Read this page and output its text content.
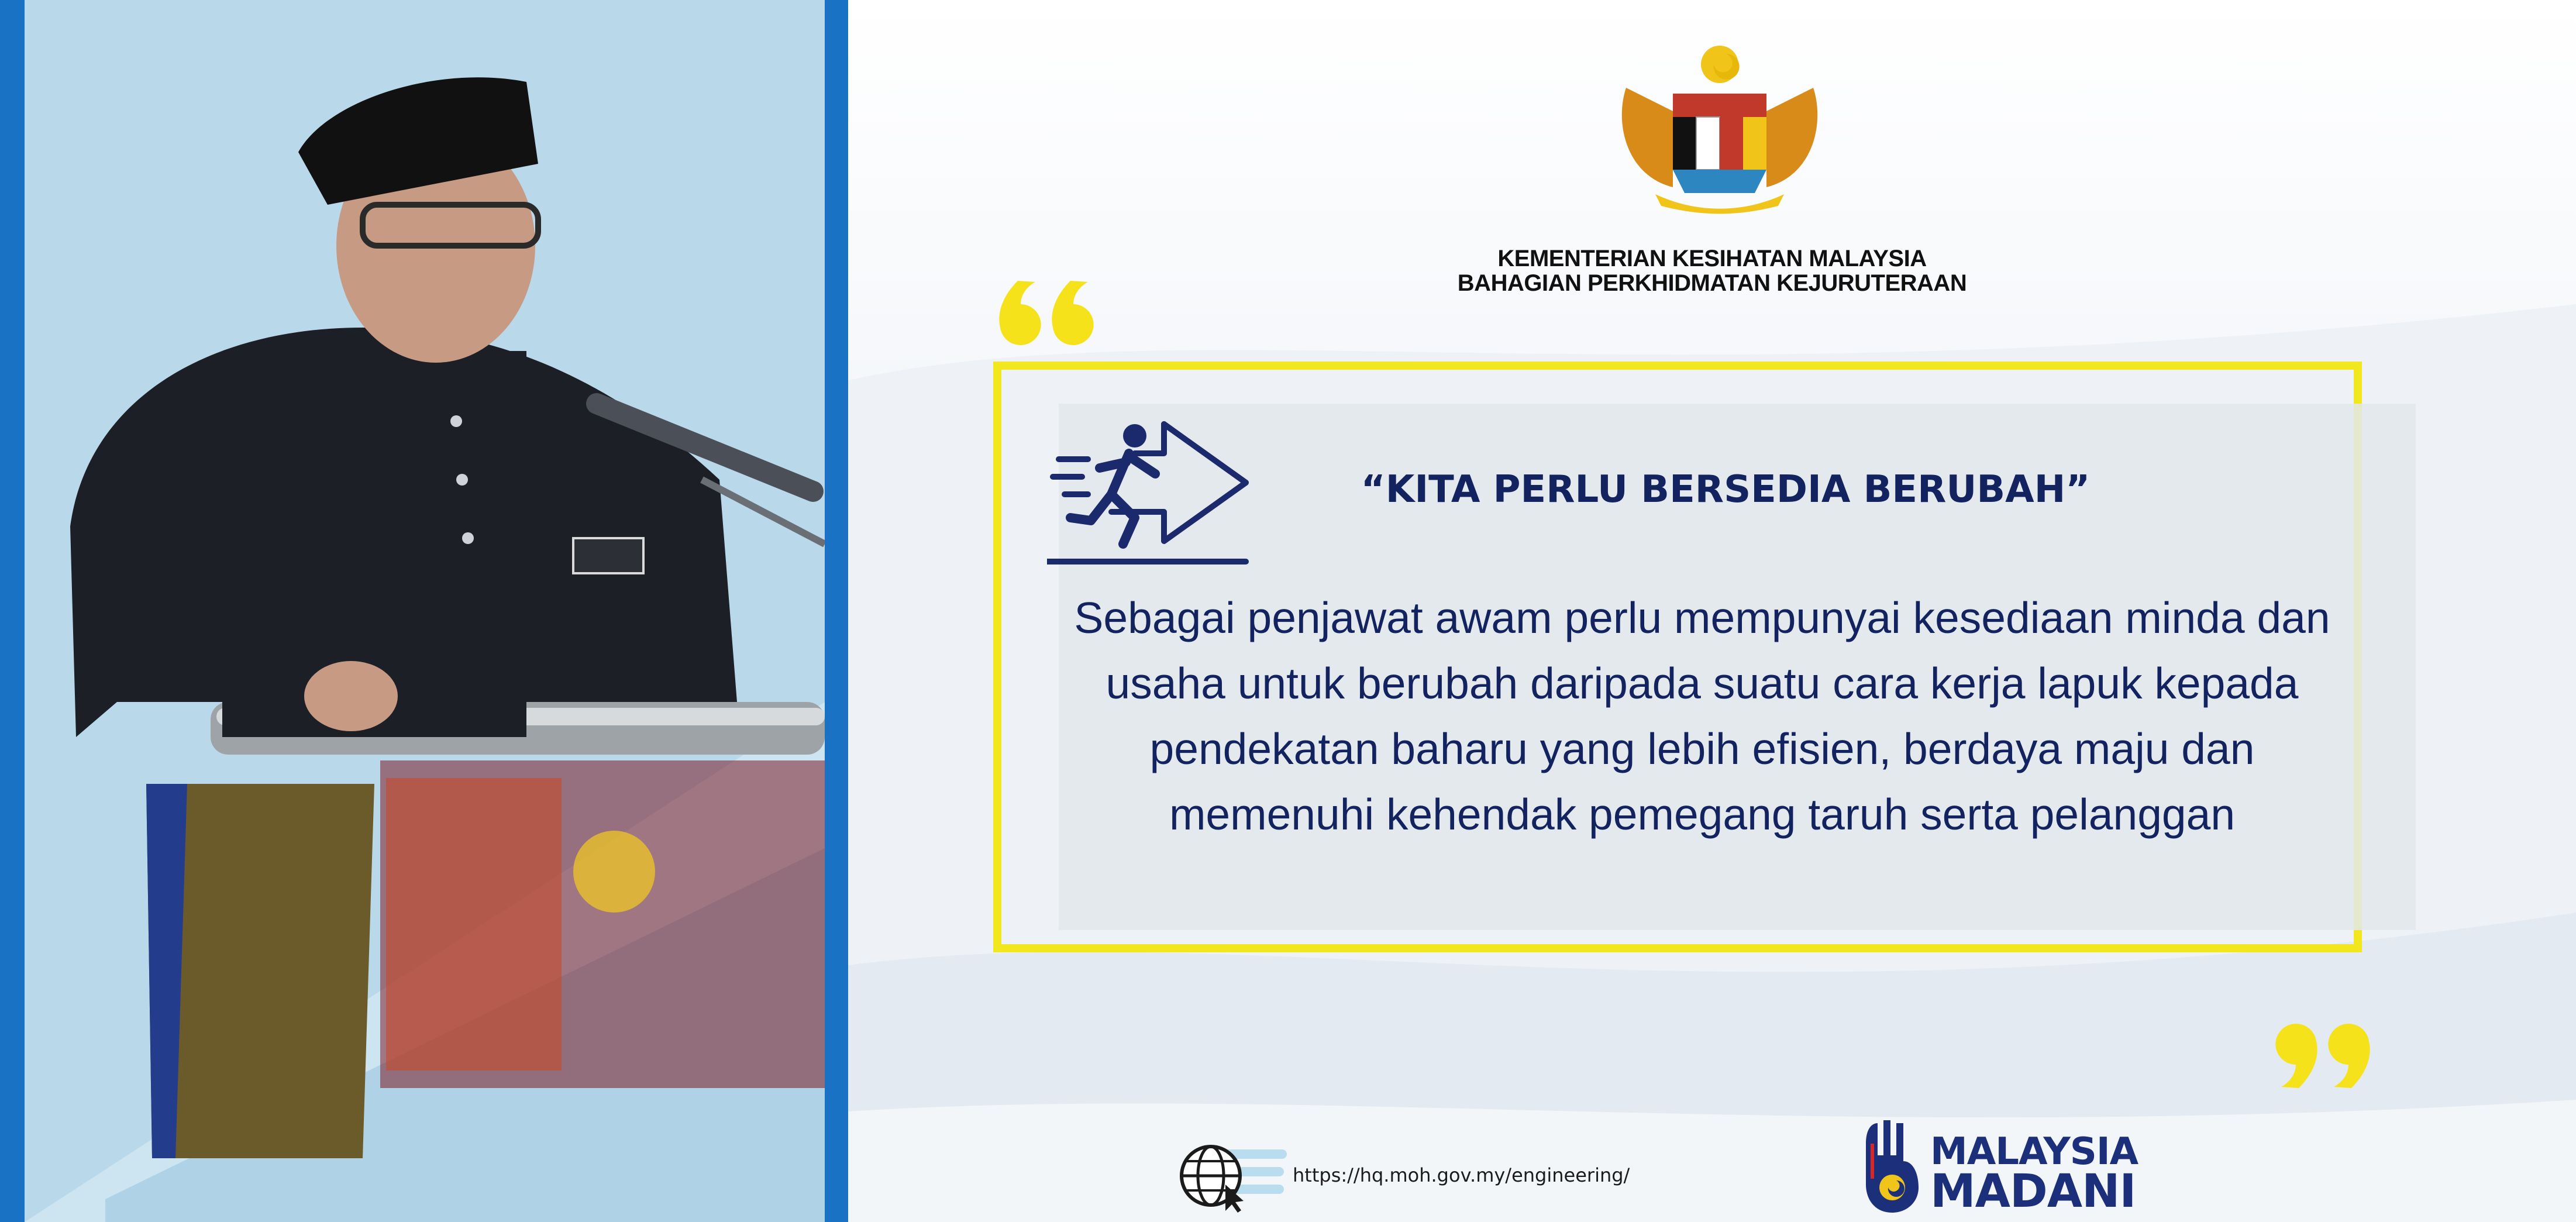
KEMENTERIAN KESIHATAN MALAYSIA
BAHAGIAN PERKHIDMATAN KEJURUTERAAN
“KITA PERLU BERSEDIA BERUBAH”
Sebagai penjawat awam perlu mempunyai kesediaan minda dan usaha untuk berubah daripada suatu cara kerja lapuk kepada pendekatan baharu yang lebih efisien, berdaya maju dan memenuhi kehendak pemegang taruh serta pelanggan
https://hq.moh.gov.my/engineering/
MALAYSIA
MADANI
